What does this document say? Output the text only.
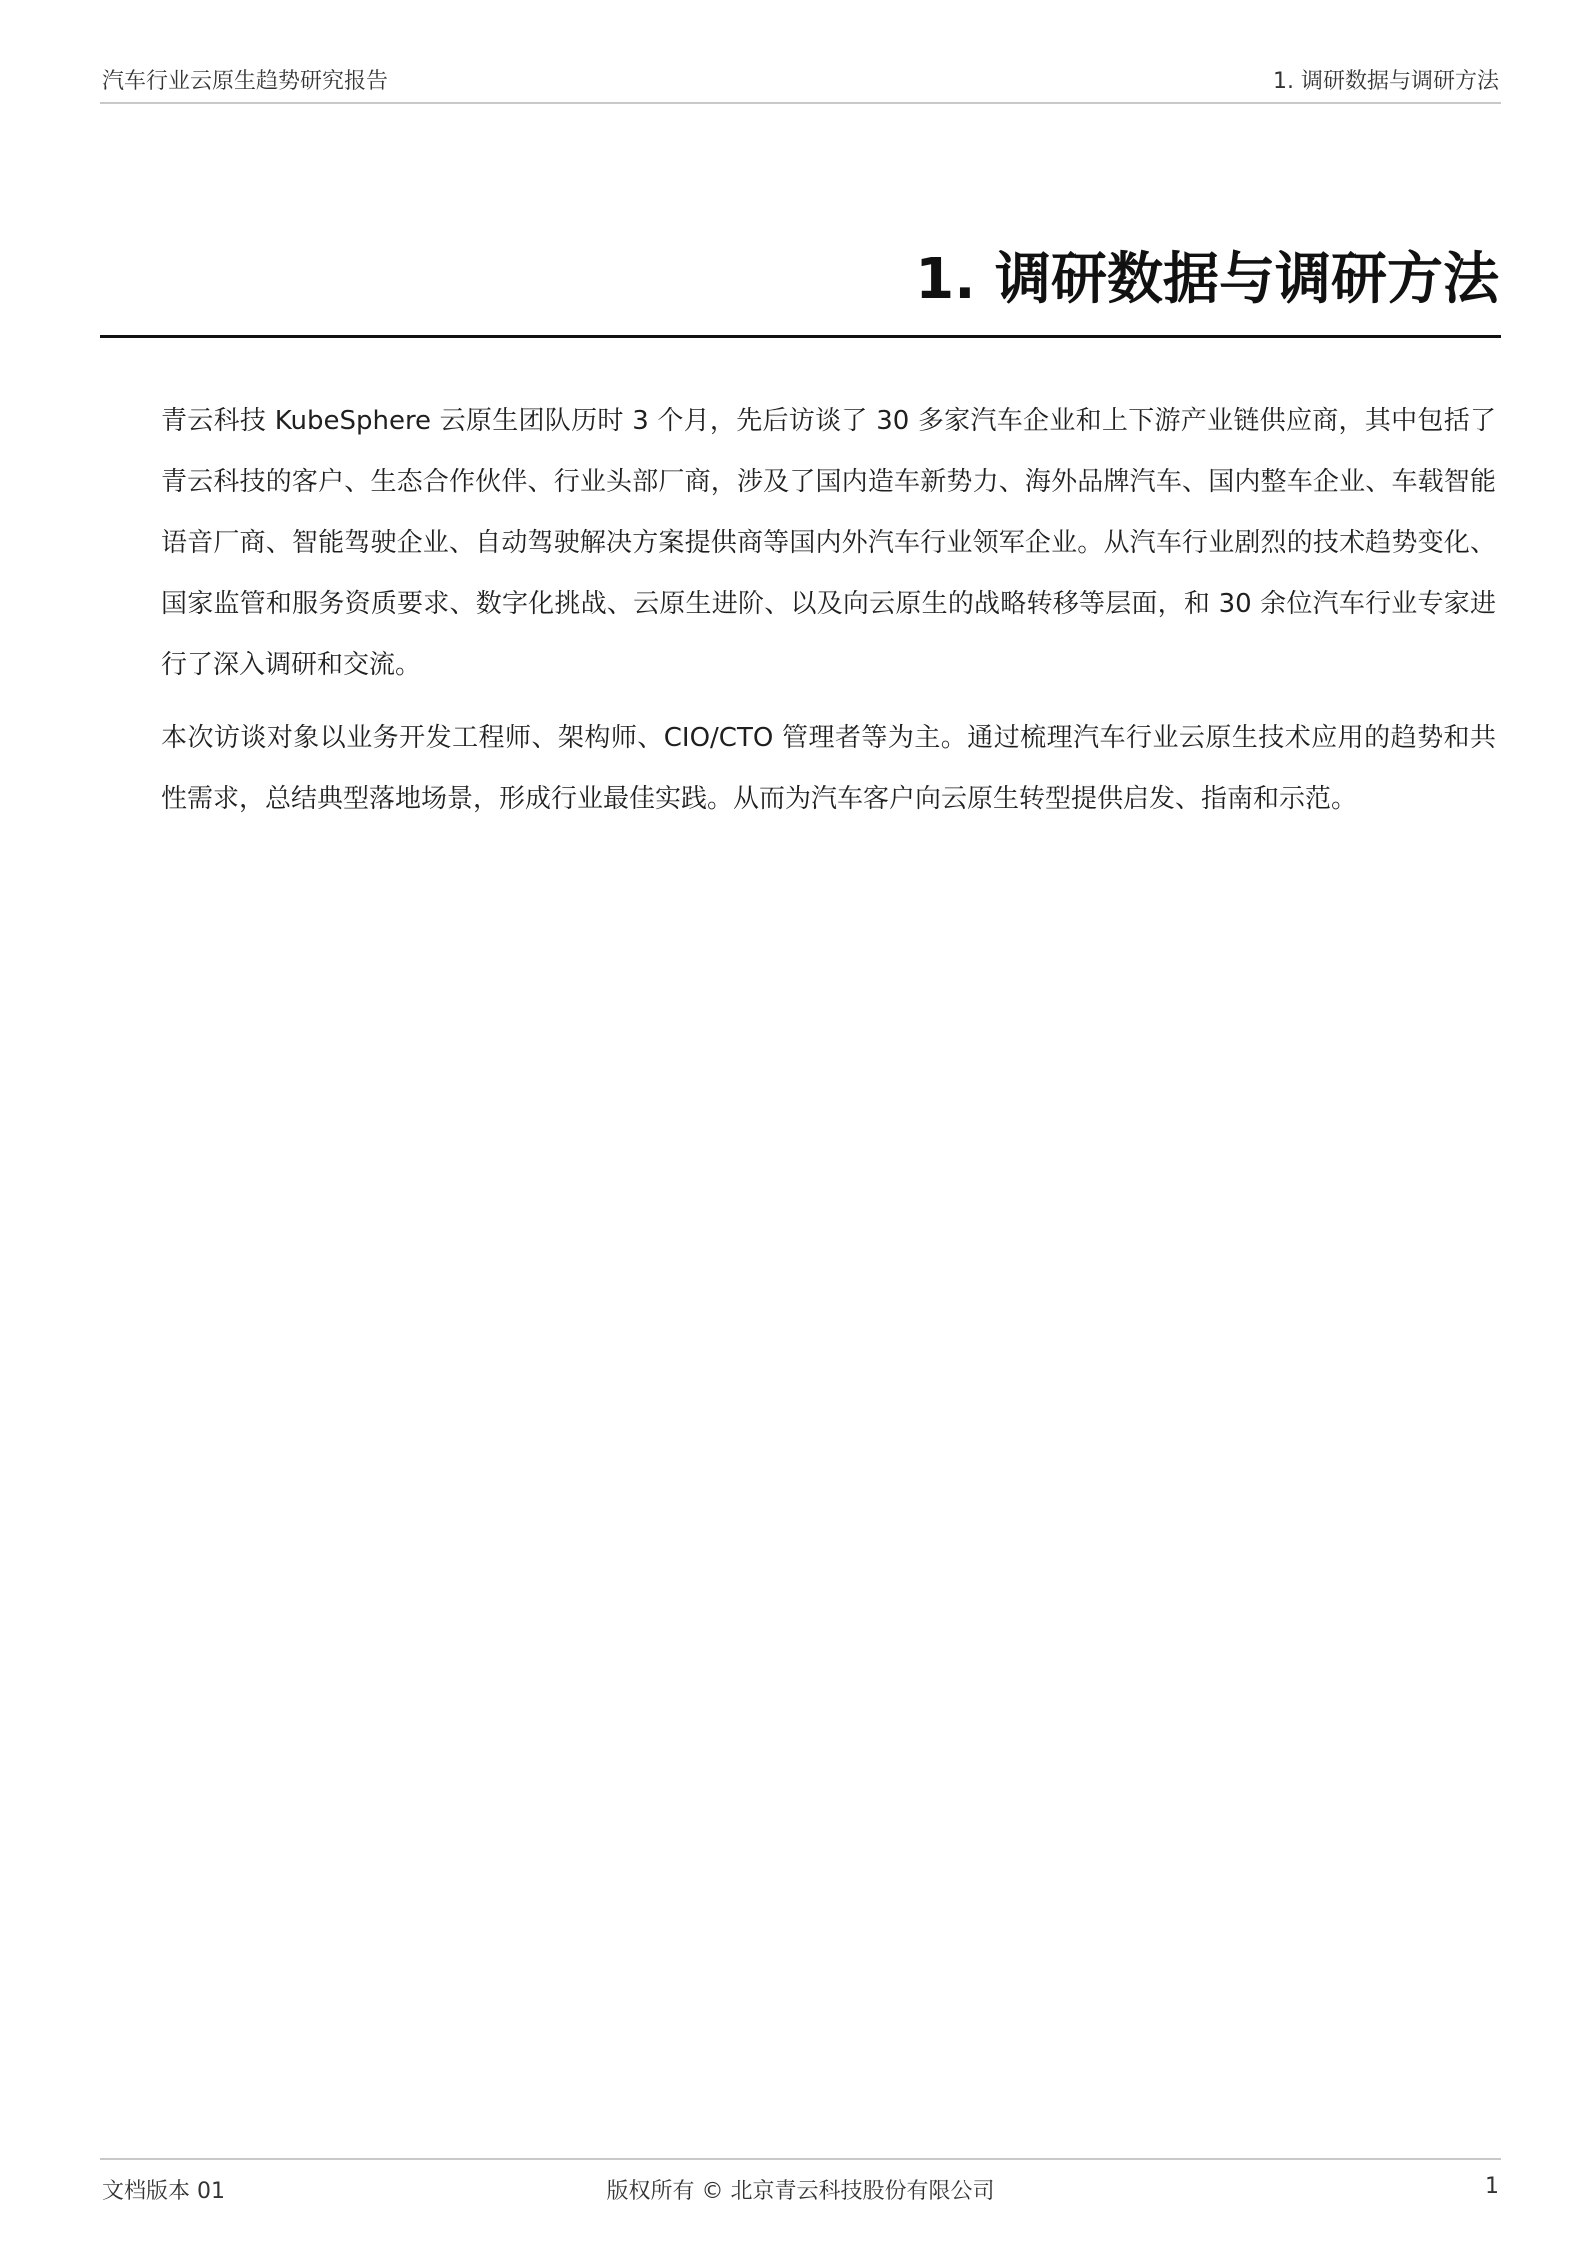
汽车行业云原生趋势研究报告	1. 调研数据与调研方法
1. 调研数据与调研方法

青云科技 KubeSphere 云原生团队历时 3 个月，先后访谈了 30 多家汽车企业和上下游产业链供应商，其中包括了青云科技的客户、生态合作伙伴、行业头部厂商，涉及了国内造车新势力、海外品牌汽车、国内整车企业、车载智能语音厂商、智能驾驶企业、自动驾驶解决方案提供商等国内外汽车行业领军企业。从汽车行业剧烈的技术趋势变化、国家监管和服务资质要求、数字化挑战、云原生进阶、以及向云原生的战略转移等层面，和 30 余位汽车行业专家进行了深入调研和交流。

本次访谈对象以业务开发工程师、架构师、CIO/CTO 管理者等为主。通过梳理汽车行业云原生技术应用的趋势和共性需求，总结典型落地场景，形成行业最佳实践。从而为汽车客户向云原生转型提供启发、指南和示范。

文档版本 01	版权所有 © 北京青云科技股份有限公司	1
